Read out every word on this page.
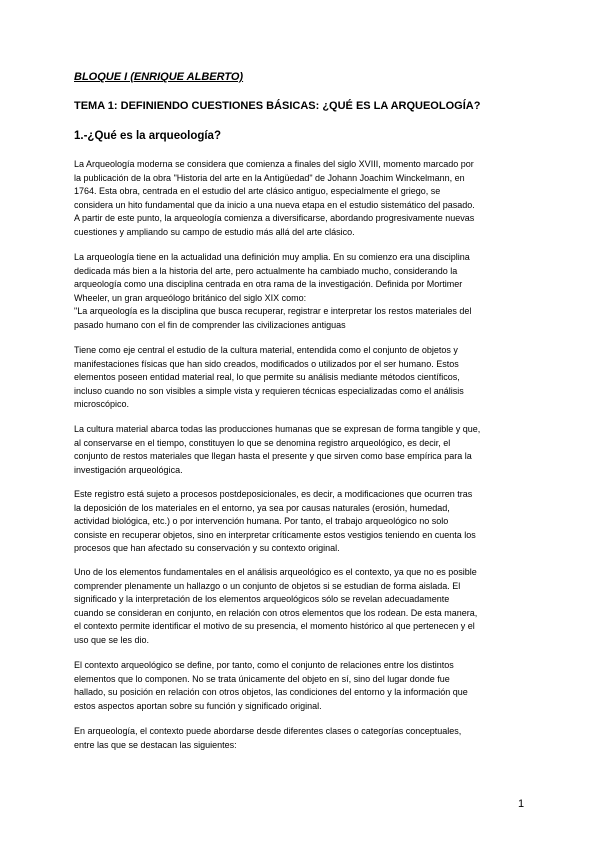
BLOQUE I (ENRIQUE ALBERTO)
TEMA 1: DEFINIENDO CUESTIONES BÁSICAS: ¿QUÉ ES LA ARQUEOLOGÍA?
1.-¿Qué es la arqueología?
La Arqueología moderna se considera que comienza a finales del siglo XVIII, momento marcado por
la publicación de la obra "Historia del arte en la Antigüedad" de Johann Joachim Winckelmann, en
1764. Esta obra, centrada en el estudio del arte clásico antiguo, especialmente el griego, se
considera un hito fundamental que da inicio a una nueva etapa en el estudio sistemático del pasado.
A partir de este punto, la arqueología comienza a diversificarse, abordando progresivamente nuevas
cuestiones y ampliando su campo de estudio más allá del arte clásico.
La arqueología tiene en la actualidad una definición muy amplia. En su comienzo era una disciplina
dedicada más bien a la historia del arte, pero actualmente ha cambiado mucho, considerando la
arqueología como una disciplina centrada en otra rama de la investigación. Definida por Mortimer
Wheeler, un gran arqueólogo británico del siglo XIX como:
"La arqueología es la disciplina que busca recuperar, registrar e interpretar los restos materiales del
pasado humano con el fin de comprender las civilizaciones antiguas
Tiene como eje central el estudio de la cultura material, entendida como el conjunto de objetos y
manifestaciones físicas que han sido creados, modificados o utilizados por el ser humano. Estos
elementos poseen entidad material real, lo que permite su análisis mediante métodos científicos,
incluso cuando no son visibles a simple vista y requieren técnicas especializadas como el análisis
microscópico.
La cultura material abarca todas las producciones humanas que se expresan de forma tangible y que,
al conservarse en el tiempo, constituyen lo que se denomina registro arqueológico, es decir, el
conjunto de restos materiales que llegan hasta el presente y que sirven como base empírica para la
investigación arqueológica.
Este registro está sujeto a procesos postdeposicionales, es decir, a modificaciones que ocurren tras
la deposición de los materiales en el entorno, ya sea por causas naturales (erosión, humedad,
actividad biológica, etc.) o por intervención humana. Por tanto, el trabajo arqueológico no solo
consiste en recuperar objetos, sino en interpretar críticamente estos vestigios teniendo en cuenta los
procesos que han afectado su conservación y su contexto original.
Uno de los elementos fundamentales en el análisis arqueológico es el contexto, ya que no es posible
comprender plenamente un hallazgo o un conjunto de objetos si se estudian de forma aislada. El
significado y la interpretación de los elementos arqueológicos sólo se revelan adecuadamente
cuando se consideran en conjunto, en relación con otros elementos que los rodean. De esta manera,
el contexto permite identificar el motivo de su presencia, el momento histórico al que pertenecen y el
uso que se les dio.
El contexto arqueológico se define, por tanto, como el conjunto de relaciones entre los distintos
elementos que lo componen. No se trata únicamente del objeto en sí, sino del lugar donde fue
hallado, su posición en relación con otros objetos, las condiciones del entorno y la información que
estos aspectos aportan sobre su función y significado original.
En arqueología, el contexto puede abordarse desde diferentes clases o categorías conceptuales,
entre las que se destacan las siguientes:
1
